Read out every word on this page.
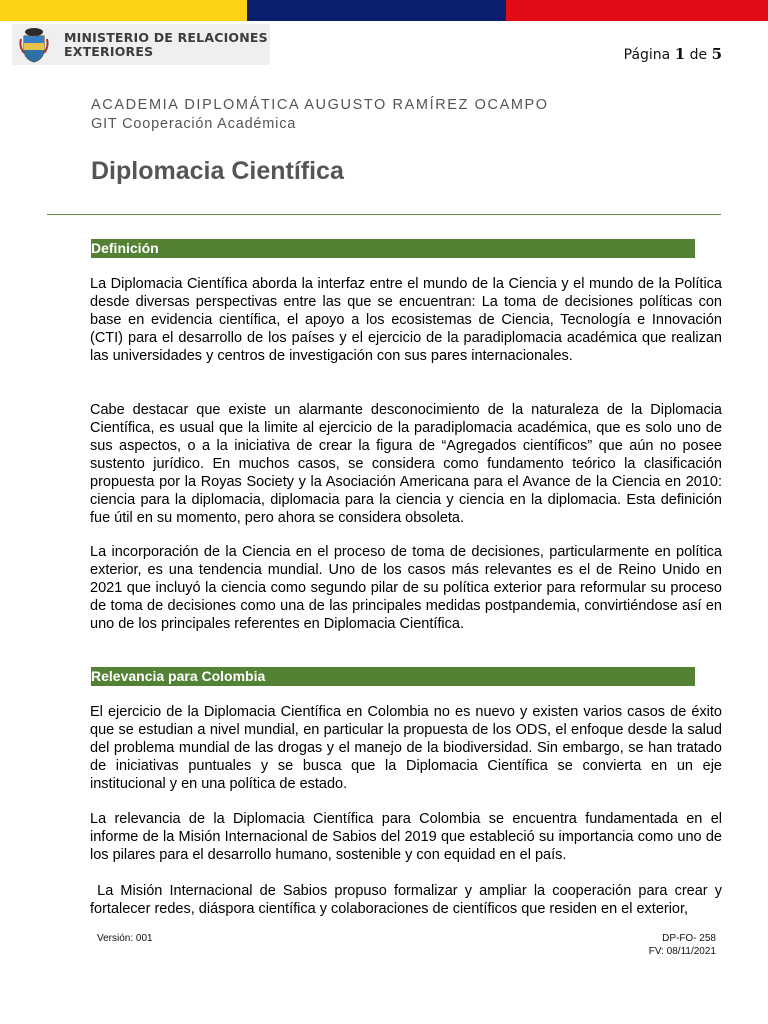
MINISTERIO DE RELACIONES
EXTERIORES	Página 1 de 5
ACADEMIA DIPLOMÁTICA AUGUSTO RAMÍREZ OCAMPO
GIT Cooperación Académica
Diplomacia Científica
Definición

La Diplomacia Científica aborda la interfaz entre el mundo de la Ciencia y el mundo de la Política desde diversas perspectivas entre las que se encuentran: La toma de decisiones políticas con base en evidencia científica, el apoyo a los ecosistemas de Ciencia, Tecnología e Innovación (CTI) para el desarrollo de los países y el ejercicio de la paradiplomacia académica que realizan las universidades y centros de investigación con sus pares internacionales.

Cabe destacar que existe un alarmante desconocimiento de la naturaleza de la Diplomacia Científica, es usual que la limite al ejercicio de la paradiplomacia académica, que es solo uno de sus aspectos, o a la iniciativa de crear la figura de “Agregados científicos” que aún no posee sustento jurídico. En muchos casos, se considera como fundamento teórico la clasificación propuesta por la Royas Society y la Asociación Americana para el Avance de la Ciencia en 2010: ciencia para la diplomacia, diplomacia para la ciencia y ciencia en la diplomacia. Esta definición fue útil en su momento, pero ahora se considera obsoleta.

La incorporación de la Ciencia en el proceso de toma de decisiones, particularmente en política exterior, es una tendencia mundial. Uno de los casos más relevantes es el de Reino Unido en 2021 que incluyó la ciencia como segundo pilar de su política exterior para reformular su proceso de toma de decisiones como una de las principales medidas postpandemia, convirtiéndose así en uno de los principales referentes en Diplomacia Científica.

Relevancia para Colombia

El ejercicio de la Diplomacia Científica en Colombia no es nuevo y existen varios casos de éxito que se estudian a nivel mundial, en particular la propuesta de los ODS, el enfoque desde la salud del problema mundial de las drogas y el manejo de la biodiversidad. Sin embargo, se han tratado de iniciativas puntuales y se busca que la Diplomacia Científica se convierta en un eje institucional y en una política de estado.

La relevancia de la Diplomacia Científica para Colombia se encuentra fundamentada en el informe de la Misión Internacional de Sabios del 2019 que estableció su importancia como uno de los pilares para el desarrollo humano, sostenible y con equidad en el país.

La Misión Internacional de Sabios propuso formalizar y ampliar la cooperación para crear y fortalecer redes, diáspora científica y colaboraciones de científicos que residen en el exterior,

Versión: 001	DP-FO- 258
FV: 08/11/2021
